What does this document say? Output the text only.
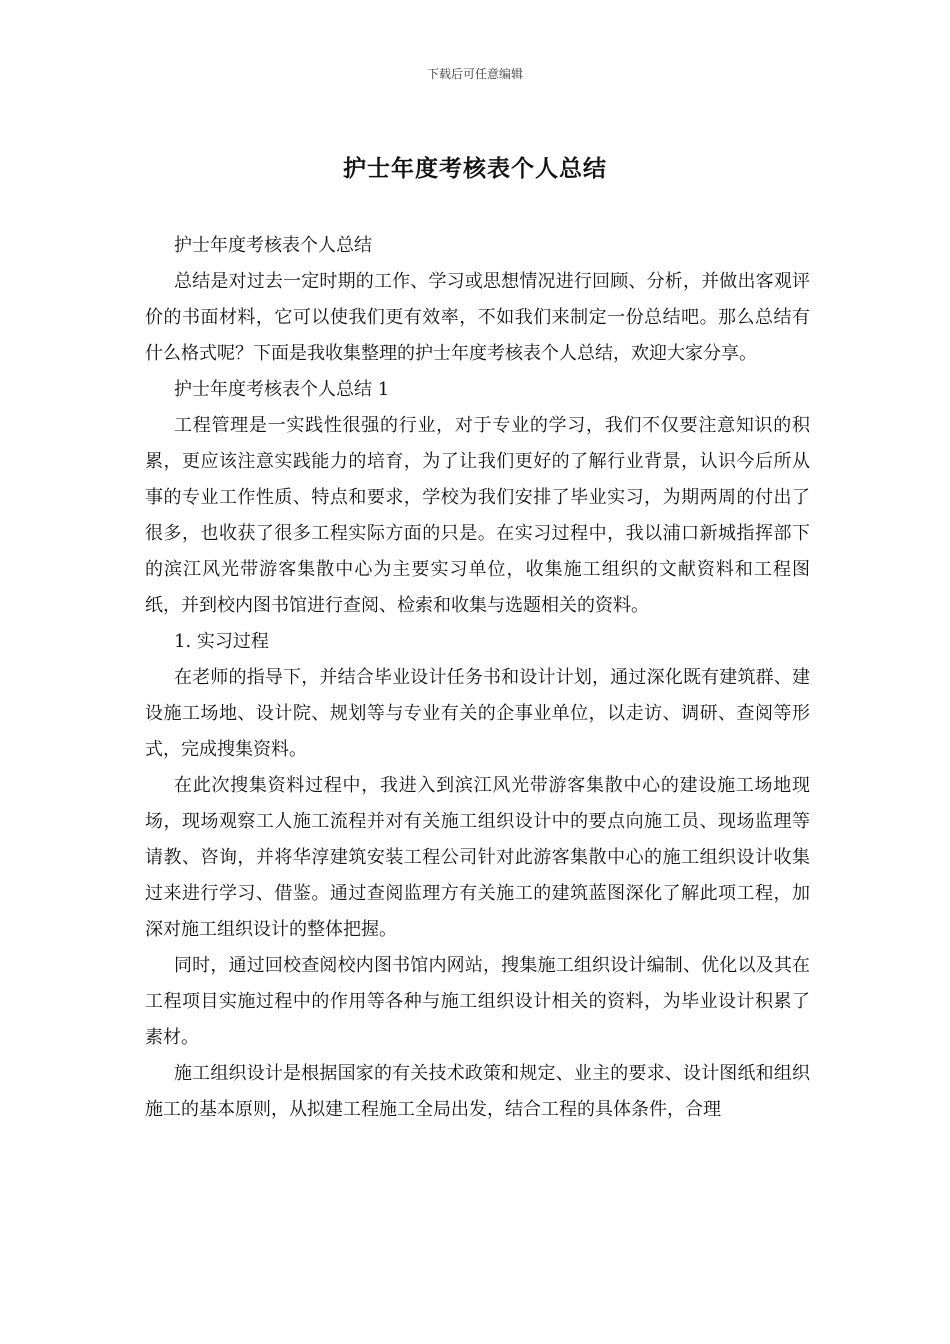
下载后可任意编辑
护士年度考核表个人总结

护士年度考核表个人总结

总结是对过去一定时期的工作、学习或思想情况进行回顾、分析，并做出客观评价的书面材料，它可以使我们更有效率，不如我们来制定一份总结吧。那么总结有什么格式呢？下面是我收集整理的护士年度考核表个人总结，欢迎大家分享。

护士年度考核表个人总结 1

工程管理是一实践性很强的行业，对于专业的学习，我们不仅要注意知识的积累，更应该注意实践能力的培育，为了让我们更好的了解行业背景，认识今后所从事的专业工作性质、特点和要求，学校为我们安排了毕业实习，为期两周的付出了很多，也收获了很多工程实际方面的只是。在实习过程中，我以浦口新城指挥部下的滨江风光带游客集散中心为主要实习单位，收集施工组织的文献资料和工程图纸，并到校内图书馆进行查阅、检索和收集与选题相关的资料。

1. 实习过程

在老师的指导下，并结合毕业设计任务书和设计计划，通过深化既有建筑群、建设施工场地、设计院、规划等与专业有关的企事业单位，以走访、调研、查阅等形式，完成搜集资料。

在此次搜集资料过程中，我进入到滨江风光带游客集散中心的建设施工场地现场，现场观察工人施工流程并对有关施工组织设计中的要点向施工员、现场监理等请教、咨询，并将华淳建筑安装工程公司针对此游客集散中心的施工组织设计收集过来进行学习、借鉴。通过查阅监理方有关施工的建筑蓝图深化了解此项工程，加深对施工组织设计的整体把握。

同时，通过回校查阅校内图书馆内网站，搜集施工组织设计编制、优化以及其在工程项目实施过程中的作用等各种与施工组织设计相关的资料，为毕业设计积累了素材。

施工组织设计是根据国家的有关技术政策和规定、业主的要求、设计图纸和组织施工的基本原则，从拟建工程施工全局出发，结合工程的具体条件，合理
